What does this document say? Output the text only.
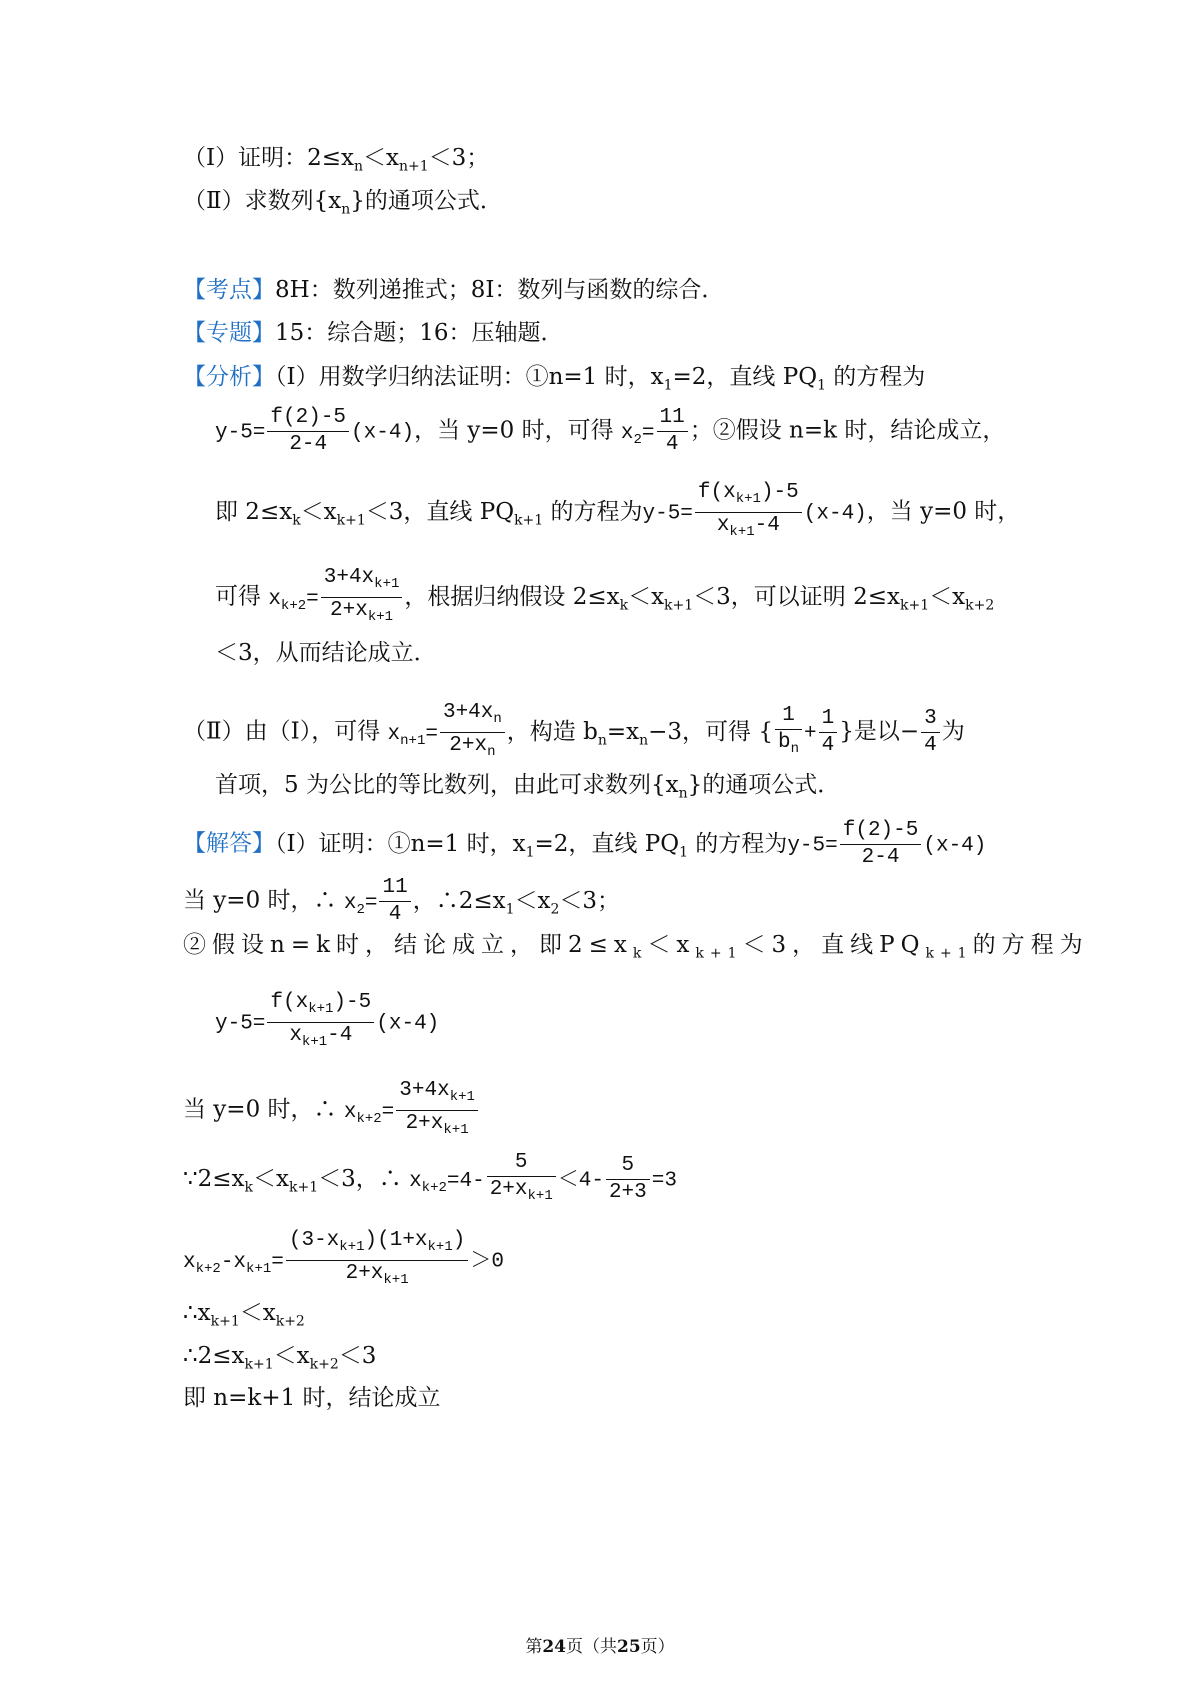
（Ⅰ）证明：$2\le x_n<x_{n+1}<3$；
（Ⅱ）求数列$\{x_n\}$的通项公式．
【考点】8H：数列递推式；8I：数列与函数的综合．
【专题】15：综合题；16：压轴题．
【分析】（Ⅰ）用数学归纳法证明：①n=1 时，$x_1=2$，直线 $PQ_1$ 的方程为
$y-5= \frac{f(2)-5}{2-4} (x-4)$，当 y=0 时，可得 $x_2= \frac{11}{4}$ ；②假设 n=k 时，结论成立，
即 $2\le x_k<x_{k+1}<3$，直线 $PQ_{k+1}$ 的方程为$y-5= \frac{f(x_{k+1})-5}{x_{k+1}-4} (x-4)$，当 y=0 时，
可得 $x_{k+2}= \frac{3+4x_{k+1}}{2+x_{k+1}}$ ，根据归纳假设 $2\le x_k<x_{k+1}<3$，可以证明 $2\le x_{k+1}<x_{k+2}$
＜3，从而结论成立．
（Ⅱ）由（Ⅰ），可得 $x_{n+1}= \frac{3+4x_n}{2+x_n}$ ，构造 $b_n=x_n-3$，可得 { $\frac{1}{b_n} + \frac{1}{4}$ }是以− $\frac{3}{4}$ 为
首项，5 为公比的等比数列，由此可求数列$\{x_n\}$的通项公式．
【解答】（Ⅰ）证明：①n=1 时，$x_1=2$，直线 $PQ_1$ 的方程为$y-5= \frac{f(2)-5}{2-4} (x-4)$
当 y=0 时，∴ $x_2= \frac{11}{4}$ ，$\therefore 2\le x_1<x_2<3$；
②假设n=k时，结论成立，即$2\le x_k<x_{k+1}<3$，直线$PQ_{k+1}$的方程为
$y-5= \frac{f(x_{k+1})-5}{x_{k+1}-4} (x-4)$
当 y=0 时，∴ $x_{k+2}= \frac{3+4x_{k+1}}{2+x_{k+1}}$
$\because 2\le x_k<x_{k+1}<3$，∴ $x_{k+2}=4- \frac{5}{2+x_{k+1}} <4- \frac{5}{2+3} =3$
$x_{k+2}-x_{k+1}= \frac{(3-x_{k+1})(1+x_{k+1})}{2+x_{k+1}} >0$
$\therefore x_{k+1}<x_{k+2}$
$\therefore 2\le x_{k+1}<x_{k+2}<3$
即 n=k+1 时，结论成立
第24页（共25页）
